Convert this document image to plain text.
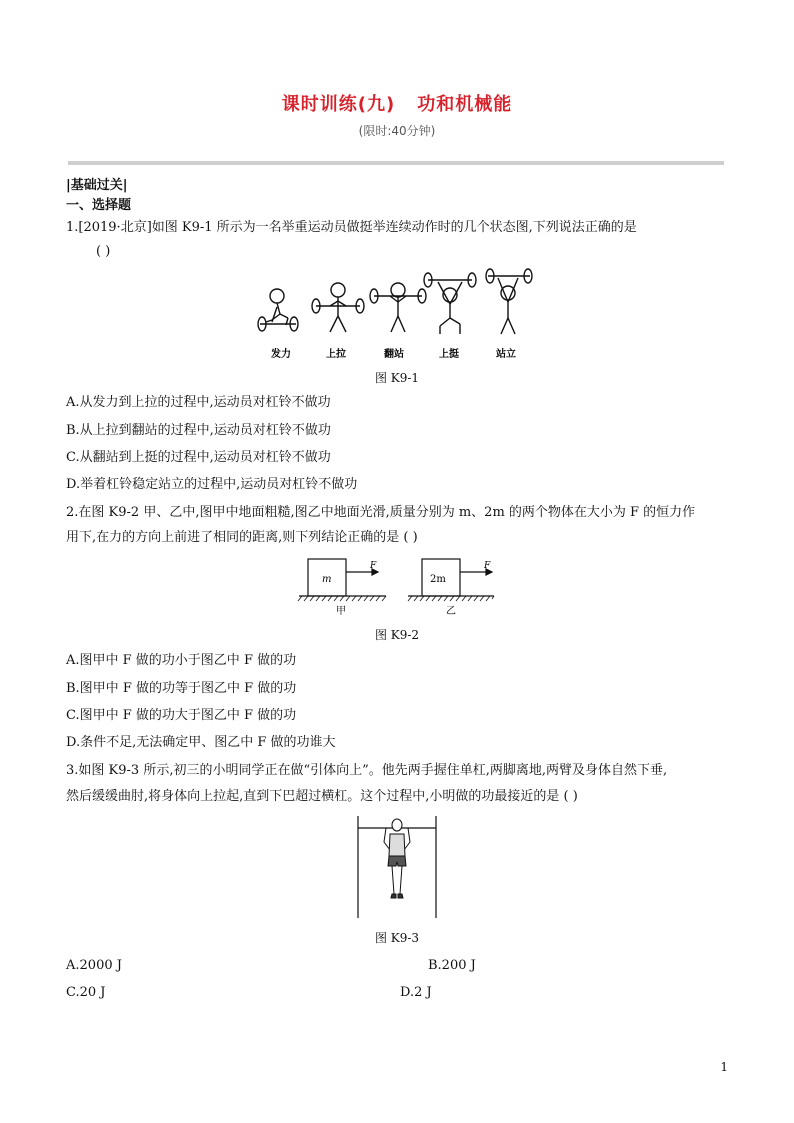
课时训练(九) 功和机械能
(限时:40分钟)
|基础过关|
一、选择题
1.[2019·北京]如图 K9-1 所示为一名举重运动员做挺举连续动作时的几个状态图,下列说法正确的是
( )
发力	上拉	翻站	上挺	站立
图 K9-1
A.从发力到上拉的过程中,运动员对杠铃不做功
B.从上拉到翻站的过程中,运动员对杠铃不做功
C.从翻站到上挺的过程中,运动员对杠铃不做功
D.举着杠铃稳定站立的过程中,运动员对杠铃不做功
2.在图 K9-2 甲、乙中,图甲中地面粗糙,图乙中地面光滑,质量分别为 m、2m 的两个物体在大小为 F 的恒力作
用下,在力的方向上前进了相同的距离,则下列结论正确的是 ( )
m	2m
F	F
甲	乙
图 K9-2
A.图甲中 F 做的功小于图乙中 F 做的功
B.图甲中 F 做的功等于图乙中 F 做的功
C.图甲中 F 做的功大于图乙中 F 做的功
D.条件不足,无法确定甲、图乙中 F 做的功谁大
3.如图 K9-3 所示,初三的小明同学正在做“引体向上”。他先两手握住单杠,两脚离地,两臂及身体自然下垂,
然后缓缓曲肘,将身体向上拉起,直到下巴超过横杠。这个过程中,小明做的功最接近的是 ( )
图 K9-3
A.2000 J	B.200 J
C.20 J	D.2 J
1
